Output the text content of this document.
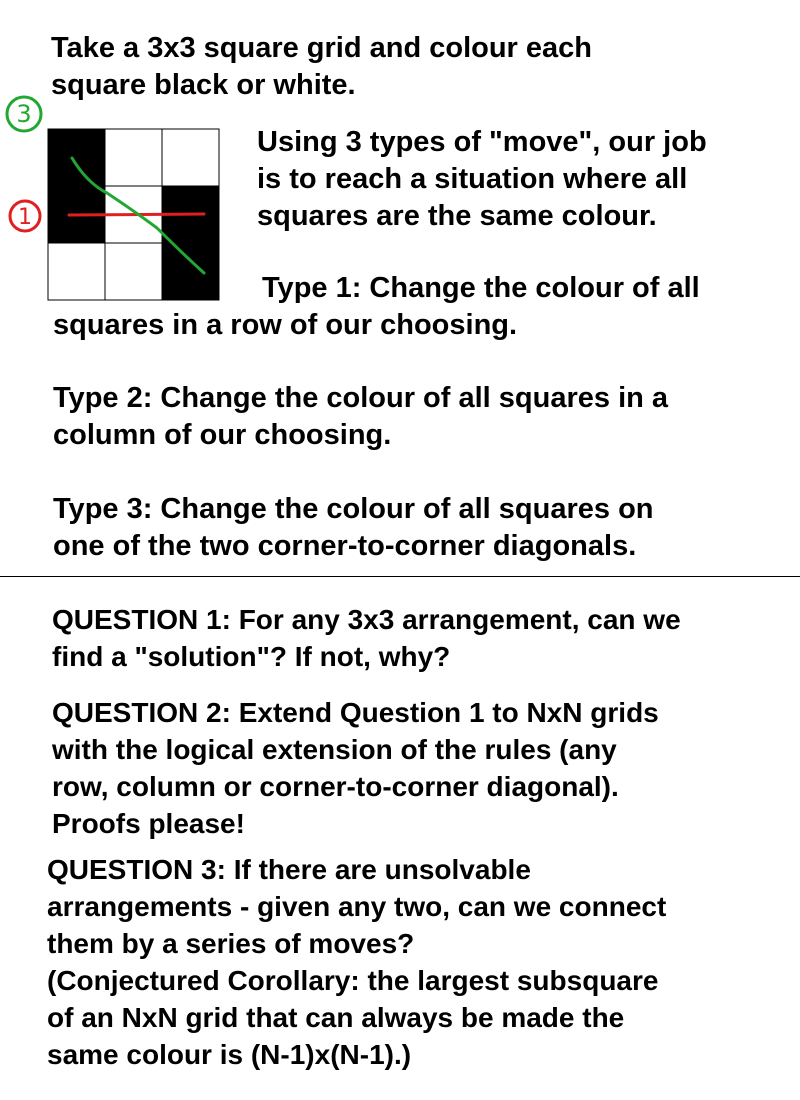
Take a 3x3 square grid and colour each
square black or white.

3
1

Using 3 types of "move", our job
is to reach a situation where all
squares are the same colour.

Type 1: Change the colour of all

squares in a row of our choosing.

Type 2: Change the colour of all squares in a
column of our choosing.

Type 3: Change the colour of all squares on
one of the two corner-to-corner diagonals.

QUESTION 1: For any 3x3 arrangement, can we
find a "solution"? If not, why?

QUESTION 2: Extend Question 1 to NxN grids
with the logical extension of the rules (any
row, column or corner-to-corner diagonal).
Proofs please!

QUESTION 3: If there are unsolvable
arrangements - given any two, can we connect
them by a series of moves?
(Conjectured Corollary: the largest subsquare
of an NxN grid that can always be made the
same colour is (N-1)x(N-1).)
